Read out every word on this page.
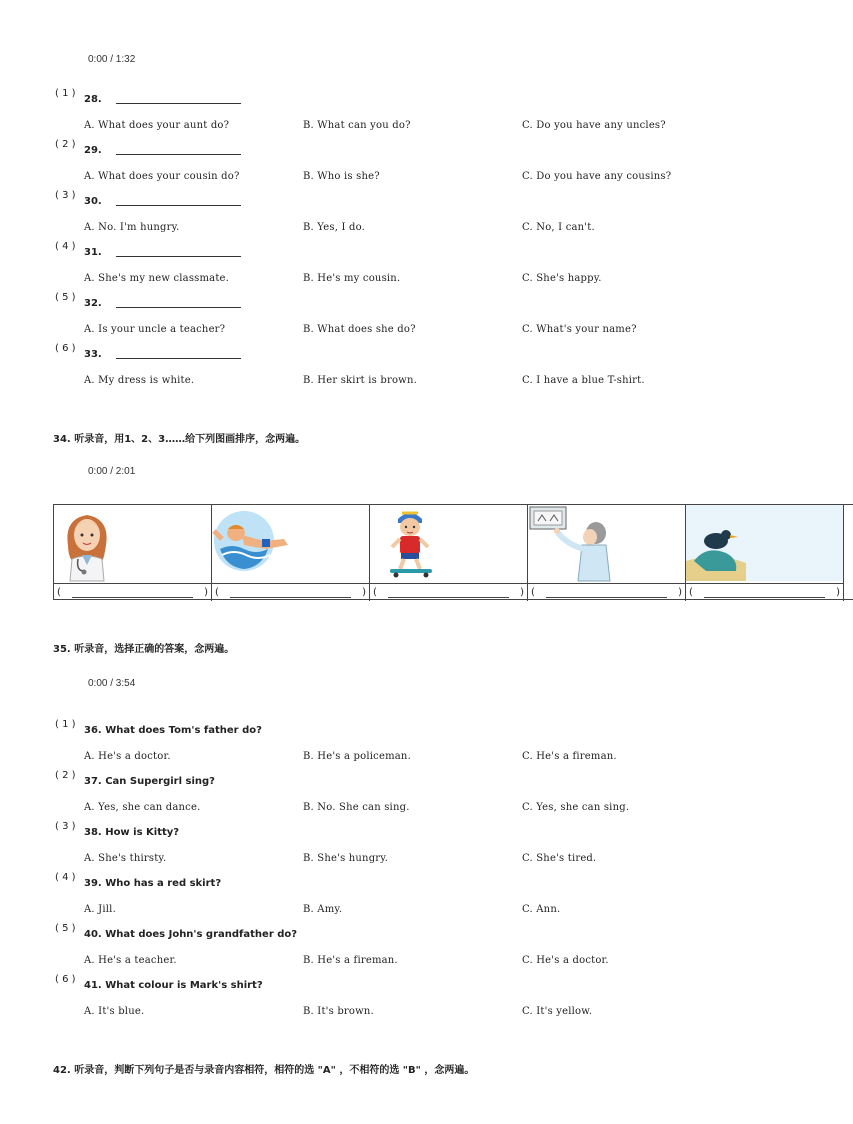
0:00 / 1:32
( 1 )
28.
A. What does your aunt do?	B. What can you do?	C. Do you have any uncles?
( 2 )
29.
A. What does your cousin do?	B. Who is she?	C. Do you have any cousins?
( 3 )
30.
A. No. I'm hungry.	B. Yes, I do.	C. No, I can't.
( 4 )
31.
A. She's my new classmate.	B. He's my cousin.	C. She's happy.
( 5 )
32.
A. Is your uncle a teacher?	B. What does she do?	C. What's your name?
( 6 )
33.
A. My dress is white.	B. Her skirt is brown.	C. I have a blue T-shirt.
34. 听录音，用1、2、3……给下列图画排序，念两遍。
0:00 / 2:01
(	) (	) (	) (	) (	)
35. 听录音，选择正确的答案，念两遍。
0:00 / 3:54
( 1 )
36. What does Tom's father do?
A. He's a doctor.	B. He's a policeman.	C. He's a fireman.
( 2 )
37. Can Supergirl sing?
A. Yes, she can dance.	B. No. She can sing.	C. Yes, she can sing.
( 3 )
38. How is Kitty?
A. She's thirsty.	B. She's hungry.	C. She's tired.
( 4 )
39. Who has a red skirt?
A. Jill.	B. Amy.	C. Ann.
( 5 )
40. What does John's grandfather do?
A. He's a teacher.	B. He's a fireman.	C. He's a doctor.
( 6 )
41. What colour is Mark's shirt?
A. It's blue.	B. It's brown.	C. It's yellow.
42. 听录音，判断下列句子是否与录音内容相符，相符的选 "A" ，不相符的选 "B" ，念两遍。
